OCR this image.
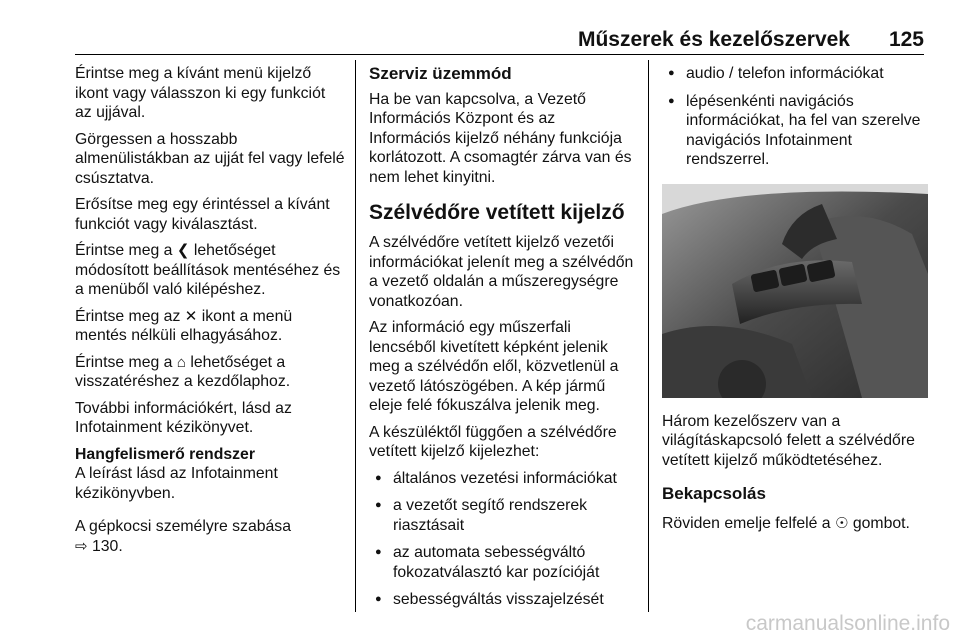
Műszerek és kezelőszervek 125

Érintse meg a kívánt menü kijelző ikont vagy válasszon ki egy funkciót az ujjával.

Görgessen a hosszabb almenülistákban az ujját fel vagy lefelé csúsztatva.

Erősítse meg egy érintéssel a kívánt funkciót vagy kiválasztást.

Érintse meg a ❮ lehetőséget módosított beállítások mentéséhez és a menüből való kilépéshez.

Érintse meg az ✕ ikont a menü mentés nélküli elhagyásához.

Érintse meg a ⌂ lehetőséget a visszatéréshez a kezdőlaphoz.

További információkért, lásd az Infotainment kézikönyvet.

Hangfelismerő rendszer

A leírást lásd az Infotainment kézikönyvben.

A gépkocsi személyre szabása
⇨ 130.

Szerviz üzemmód

Ha be van kapcsolva, a Vezető Információs Központ és az Információs kijelző néhány funkciója korlátozott. A csomagtér zárva van és nem lehet kinyitni.

Szélvédőre vetített kijelző

A szélvédőre vetített kijelző vezetői információkat jelenít meg a szélvédőn a vezető oldalán a műszeregységre vonatkozóan.

Az információ egy műszerfali lencséből kivetített képként jelenik meg a szélvédőn elől, közvetlenül a vezető látószögében. A kép jármű eleje felé fókuszálva jelenik meg.

A készüléktől függően a szélvédőre vetített kijelző kijelezhet:

● általános vezetési információkat
● a vezetőt segítő rendszerek riasztásait
● az automata sebességváltó fokozatválasztó kar pozícióját
● sebességváltás visszajelzését
● audio / telefon információkat
● lépésenkénti navigációs információkat, ha fel van szerelve navigációs Infotainment rendszerrel.

Három kezelőszerv van a világításkapcsoló felett a szélvédőre vetített kijelző működtetéséhez.

Bekapcsolás

Röviden emelje felfelé a ☉ gombot.

carmanualsonline.info
